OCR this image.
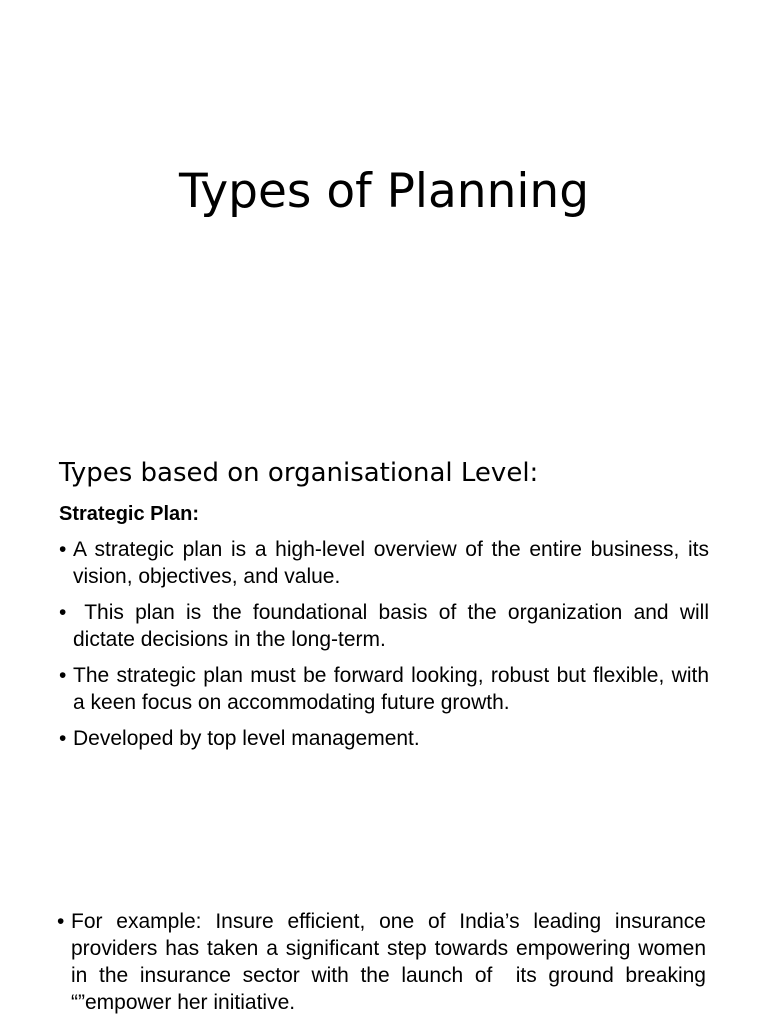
Types of Planning
Types based on organisational Level:
Strategic Plan:
• A strategic plan is a high-level overview of the entire business, its vision, objectives, and value.
• This plan is the foundational basis of the organization and will dictate decisions in the long-term.
• The strategic plan must be forward looking, robust but flexible, with a keen focus on accommodating future growth.
• Developed by top level management.
• For example: Insure efficient, one of India’s leading insurance providers has taken a significant step towards empowering women in the insurance sector with the launch of  its ground breaking “”empower her initiative.
